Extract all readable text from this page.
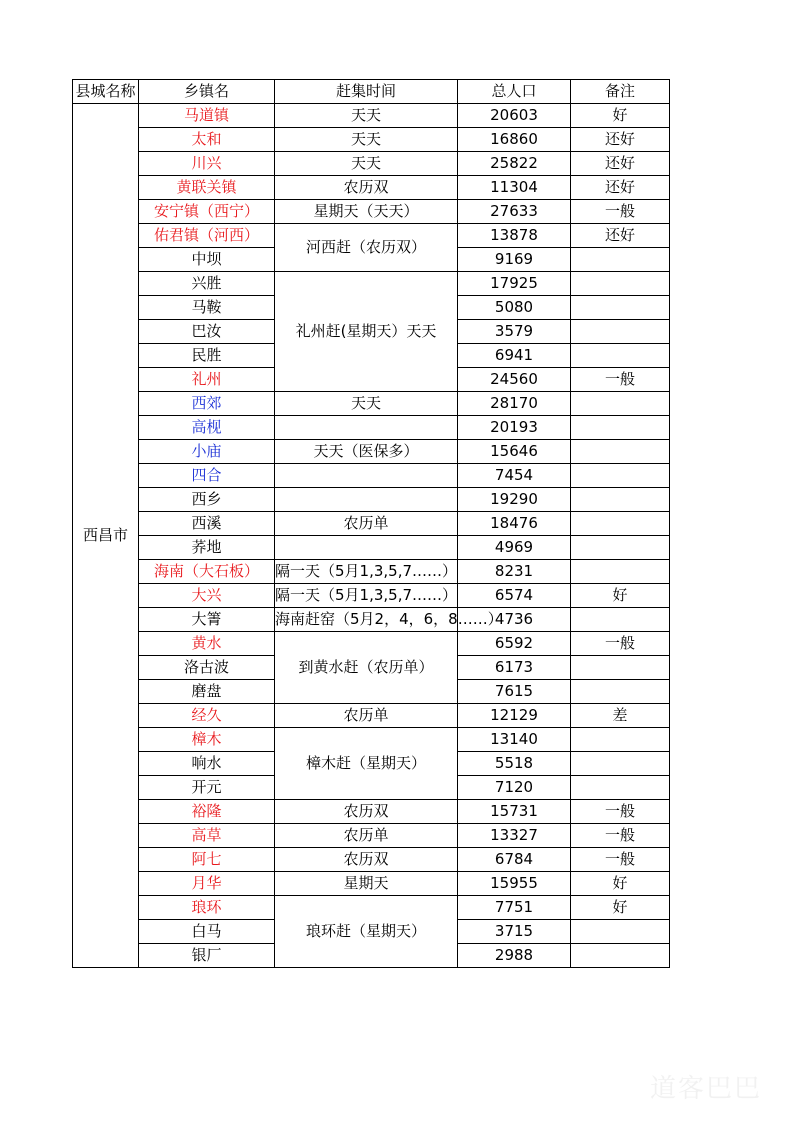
县城名称	乡镇名	赶集时间	总人口	备注
西昌市	马道镇	天天	20603	好
	太和	天天	16860	还好
	川兴	天天	25822	还好
	黄联关镇	农历双	11304	还好
	安宁镇（西宁）	星期天（天天）	27633	一般
	佑君镇（河西）	河西赶（农历双）	13878	还好
	中坝		9169	
	兴胜	礼州赶(星期天）天天	17925	
	马鞍		5080	
	巴汝		3579	
	民胜		6941	
	礼州		24560	一般
	西郊	天天	28170	
	高枧		20193	
	小庙	天天（医保多）	15646	
	四合		7454	
	西乡		19290	
	西溪	农历单	18476	
	荞地		4969	
	海南（大石板）	隔一天（5月1,3,5,7……）	8231	
	大兴	隔一天（5月1,3,5,7……）	6574	好
	大箐	海南赶窑（5月2，4，6，8……）	4736	
	黄水	到黄水赶（农历单）	6592	一般
	洛古波		6173	
	磨盘		7615	
	经久	农历单	12129	差
	樟木	樟木赶（星期天）	13140	
	响水		5518	
	开元		7120	
	裕隆	农历双	15731	一般
	高草	农历单	13327	一般
	阿七	农历双	6784	一般
	月华	星期天	15955	好
	琅环	琅环赶（星期天）	7751	好
	白马		3715	
	银厂		2988	
道客巴巴
